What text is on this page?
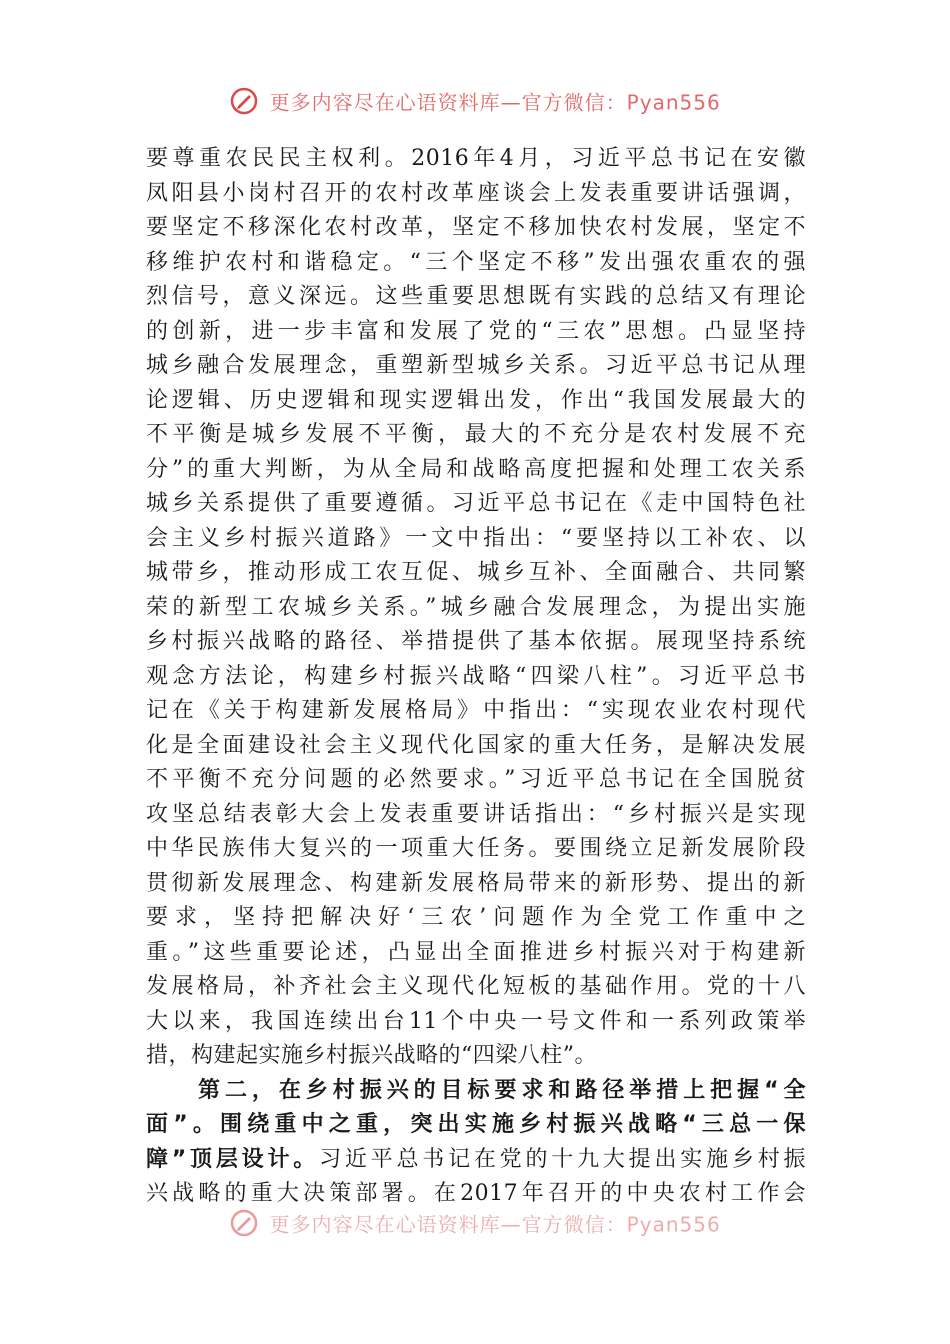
更多内容尽在心语资料库—官方微信：Pyan556
要尊重农民民主权利。2016年4月，习近平总书记在安徽
凤阳县小岗村召开的农村改革座谈会上发表重要讲话强调，
要坚定不移深化农村改革，坚定不移加快农村发展，坚定不
移维护农村和谐稳定。“三个坚定不移”发出强农重农的强
烈信号，意义深远。这些重要思想既有实践的总结又有理论
的创新，进一步丰富和发展了党的“三农”思想。凸显坚持
城乡融合发展理念，重塑新型城乡关系。习近平总书记从理
论逻辑、历史逻辑和现实逻辑出发，作出“我国发展最大的
不平衡是城乡发展不平衡，最大的不充分是农村发展不充
分”的重大判断，为从全局和战略高度把握和处理工农关系
城乡关系提供了重要遵循。习近平总书记在《走中国特色社
会主义乡村振兴道路》一文中指出：“要坚持以工补农、以
城带乡，推动形成工农互促、城乡互补、全面融合、共同繁
荣的新型工农城乡关系。”城乡融合发展理念，为提出实施
乡村振兴战略的路径、举措提供了基本依据。展现坚持系统
观念方法论，构建乡村振兴战略“四梁八柱”。习近平总书
记在《关于构建新发展格局》中指出：“实现农业农村现代
化是全面建设社会主义现代化国家的重大任务，是解决发展
不平衡不充分问题的必然要求。”习近平总书记在全国脱贫
攻坚总结表彰大会上发表重要讲话指出：“乡村振兴是实现
中华民族伟大复兴的一项重大任务。要围绕立足新发展阶段
贯彻新发展理念、构建新发展格局带来的新形势、提出的新
要求，坚持把解决好‘三农’问题作为全党工作重中之
重。”这些重要论述，凸显出全面推进乡村振兴对于构建新
发展格局，补齐社会主义现代化短板的基础作用。党的十八
大以来，我国连续出台11个中央一号文件和一系列政策举
措，构建起实施乡村振兴战略的“四梁八柱”。
第二，在乡村振兴的目标要求和路径举措上把握“全
面”。围绕重中之重，突出实施乡村振兴战略“三总一保
障”顶层设计。习近平总书记在党的十九大提出实施乡村振
兴战略的重大决策部署。在2017年召开的中央农村工作会
更多内容尽在心语资料库—官方微信：Pyan556
